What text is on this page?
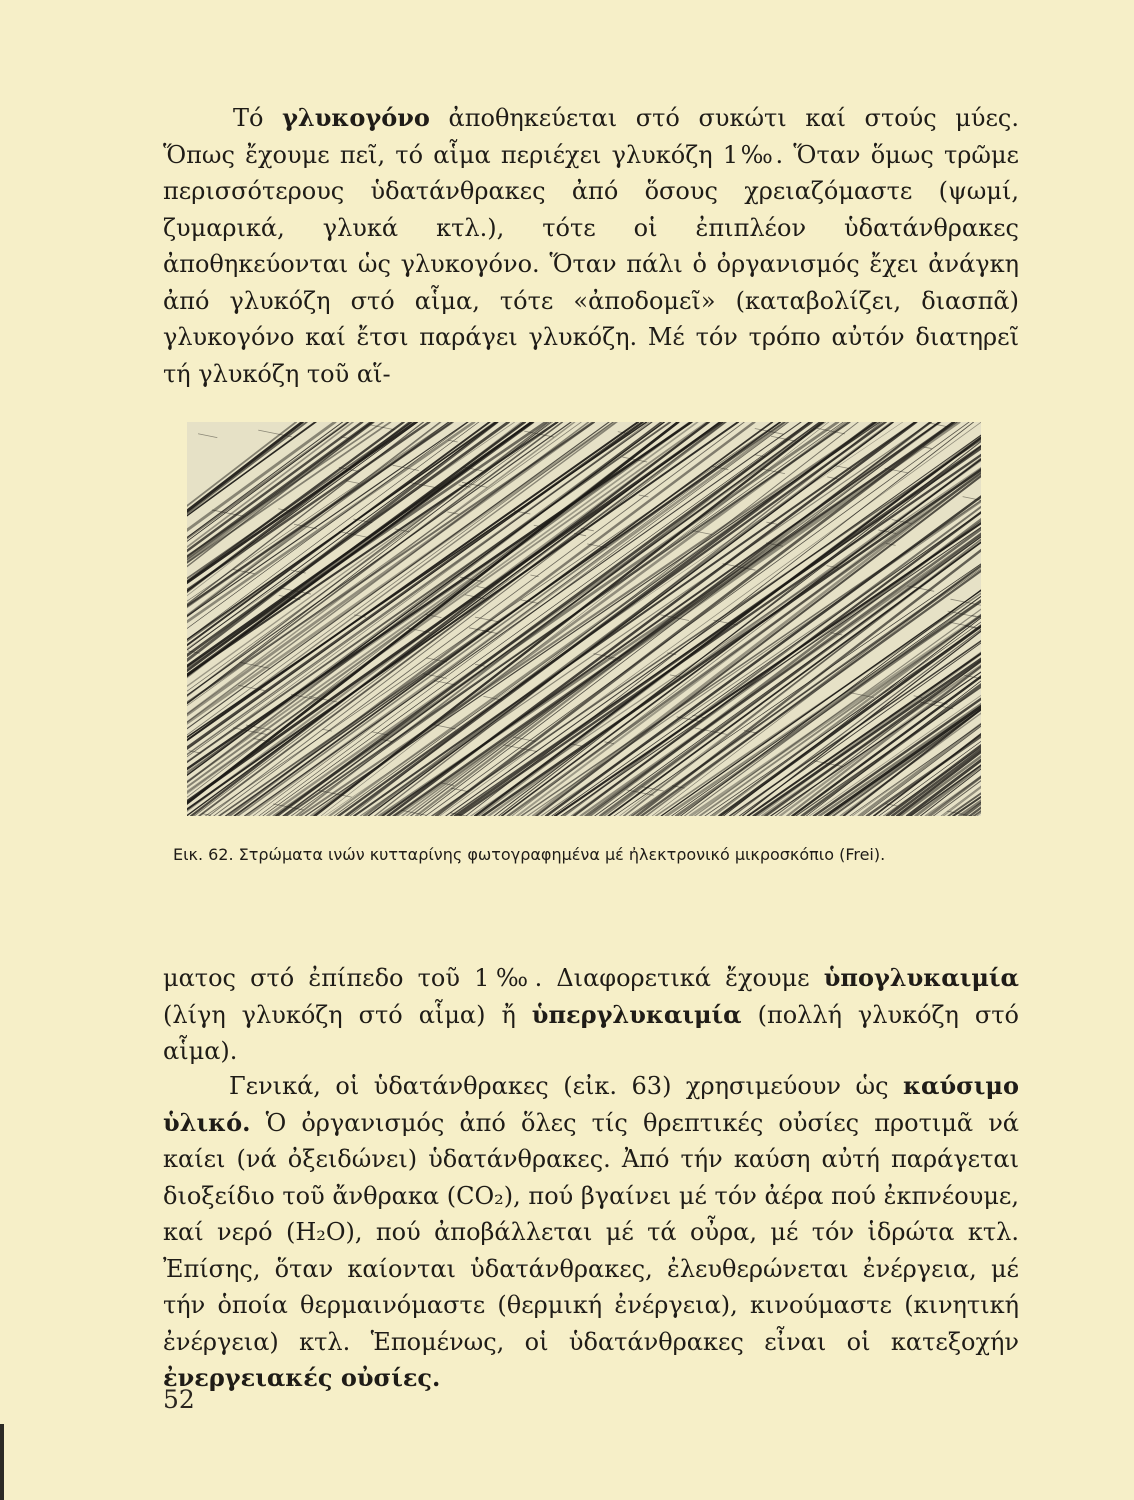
Τό γλυκογόνο ἀποθηκεύεται στό συκώτι καί στούς μύες. Ὅπως ἔχουμε πεῖ, τό αἷμα περιέχει γλυκόζη 1‰. Ὅταν ὅμως τρῶμε περισσότερους ὑδατάνθρακες ἀπό ὅσους χρειαζόμαστε (ψωμί, ζυμαρικά, γλυκά κτλ.), τότε οἱ ἐπιπλέον ὑδατάνθρακες ἀποθηκεύονται ὡς γλυκογόνο. Ὅταν πάλι ὁ ὀργανισμός ἔχει ἀνάγκη ἀπό γλυκόζη στό αἷμα, τότε «ἀποδομεῖ» (καταβολίζει, διασπᾶ) γλυκογόνο καί ἔτσι παράγει γλυκόζη. Μέ τόν τρόπο αὐτόν διατηρεῖ τή γλυκόζη τοῦ αἵ-

Εικ. 62. Στρώματα ινών κυτταρίνης φωτογραφημένα μέ ἠλεκτρονικό μικροσκόπιο (Frei).

ματος στό ἐπίπεδο τοῦ 1‰. Διαφορετικά ἔχουμε ὑπογλυκαιμία (λίγη γλυκόζη στό αἷμα) ἤ ὑπεργλυκαιμία (πολλή γλυκόζη στό αἷμα).

Γενικά, οἱ ὑδατάνθρακες (εἰκ. 63) χρησιμεύουν ὡς καύσιμο ὑλικό. Ὁ ὀργανισμός ἀπό ὅλες τίς θρεπτικές οὐσίες προτιμᾶ νά καίει (νά ὀξειδώνει) ὑδατάνθρακες. Ἀπό τήν καύση αὐτή παράγεται διοξείδιο τοῦ ἄνθρακα (CO₂), πού βγαίνει μέ τόν ἀέρα πού ἐκπνέουμε, καί νερό (H₂O), πού ἀποβάλλεται μέ τά οὖρα, μέ τόν ἱδρώτα κτλ. Ἐπίσης, ὅταν καίονται ὑδατάνθρακες, ἐλευθερώνεται ἐνέργεια, μέ τήν ὁποία θερμαινόμαστε (θερμική ἐνέργεια), κινούμαστε (κινητική ἐνέργεια) κτλ. Ἑπομένως, οἱ ὑδατάνθρακες εἶναι οἱ κατεξοχήν ἐνεργειακές οὐσίες.

52
